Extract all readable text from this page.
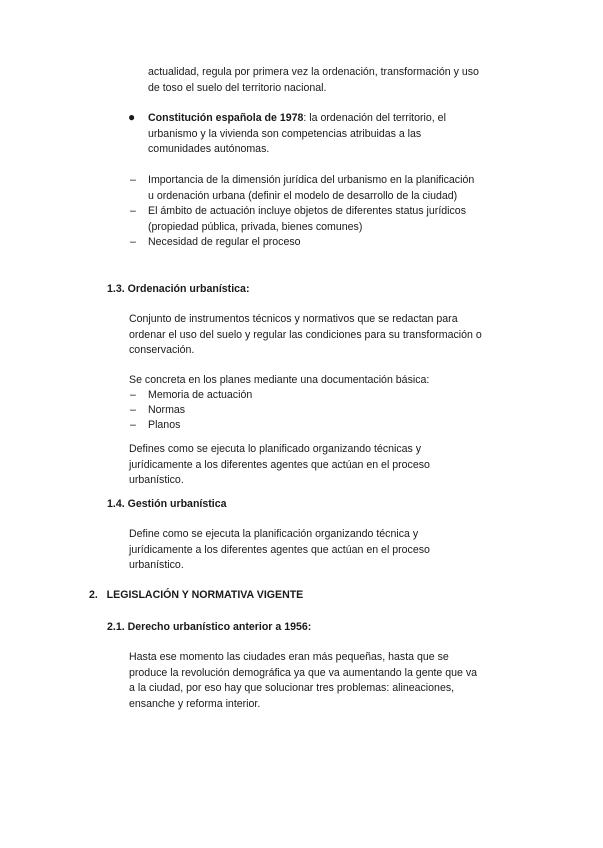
actualidad, regula por primera vez la ordenación, transformación y uso
de toso el suelo del territorio nacional.
● Constitución española de 1978: la ordenación del territorio, el
urbanismo y la vivienda son competencias atribuidas a las
comunidades autónomas.
– Importancia de la dimensión jurídica del urbanismo en la planificación
u ordenación urbana (definir el modelo de desarrollo de la ciudad)
– El ámbito de actuación incluye objetos de diferentes status jurídicos
(propiedad pública, privada, bienes comunes)
– Necesidad de regular el proceso
1.3. Ordenación urbanística:
Conjunto de instrumentos técnicos y normativos que se redactan para
ordenar el uso del suelo y regular las condiciones para su transformación o
conservación.
Se concreta en los planes mediante una documentación básica:
– Memoria de actuación
– Normas
– Planos
Defines como se ejecuta lo planificado organizando técnicas y
jurídicamente a los diferentes agentes que actúan en el proceso
urbanístico.
1.4. Gestión urbanística
Define como se ejecuta la planificación organizando técnica y
jurídicamente a los diferentes agentes que actúan en el proceso
urbanístico.
2.   LEGISLACIÓN Y NORMATIVA VIGENTE
2.1. Derecho urbanístico anterior a 1956:
Hasta ese momento las ciudades eran más pequeñas, hasta que se
produce la revolución demográfica ya que va aumentando la gente que va
a la ciudad, por eso hay que solucionar tres problemas: alineaciones,
ensanche y reforma interior.
